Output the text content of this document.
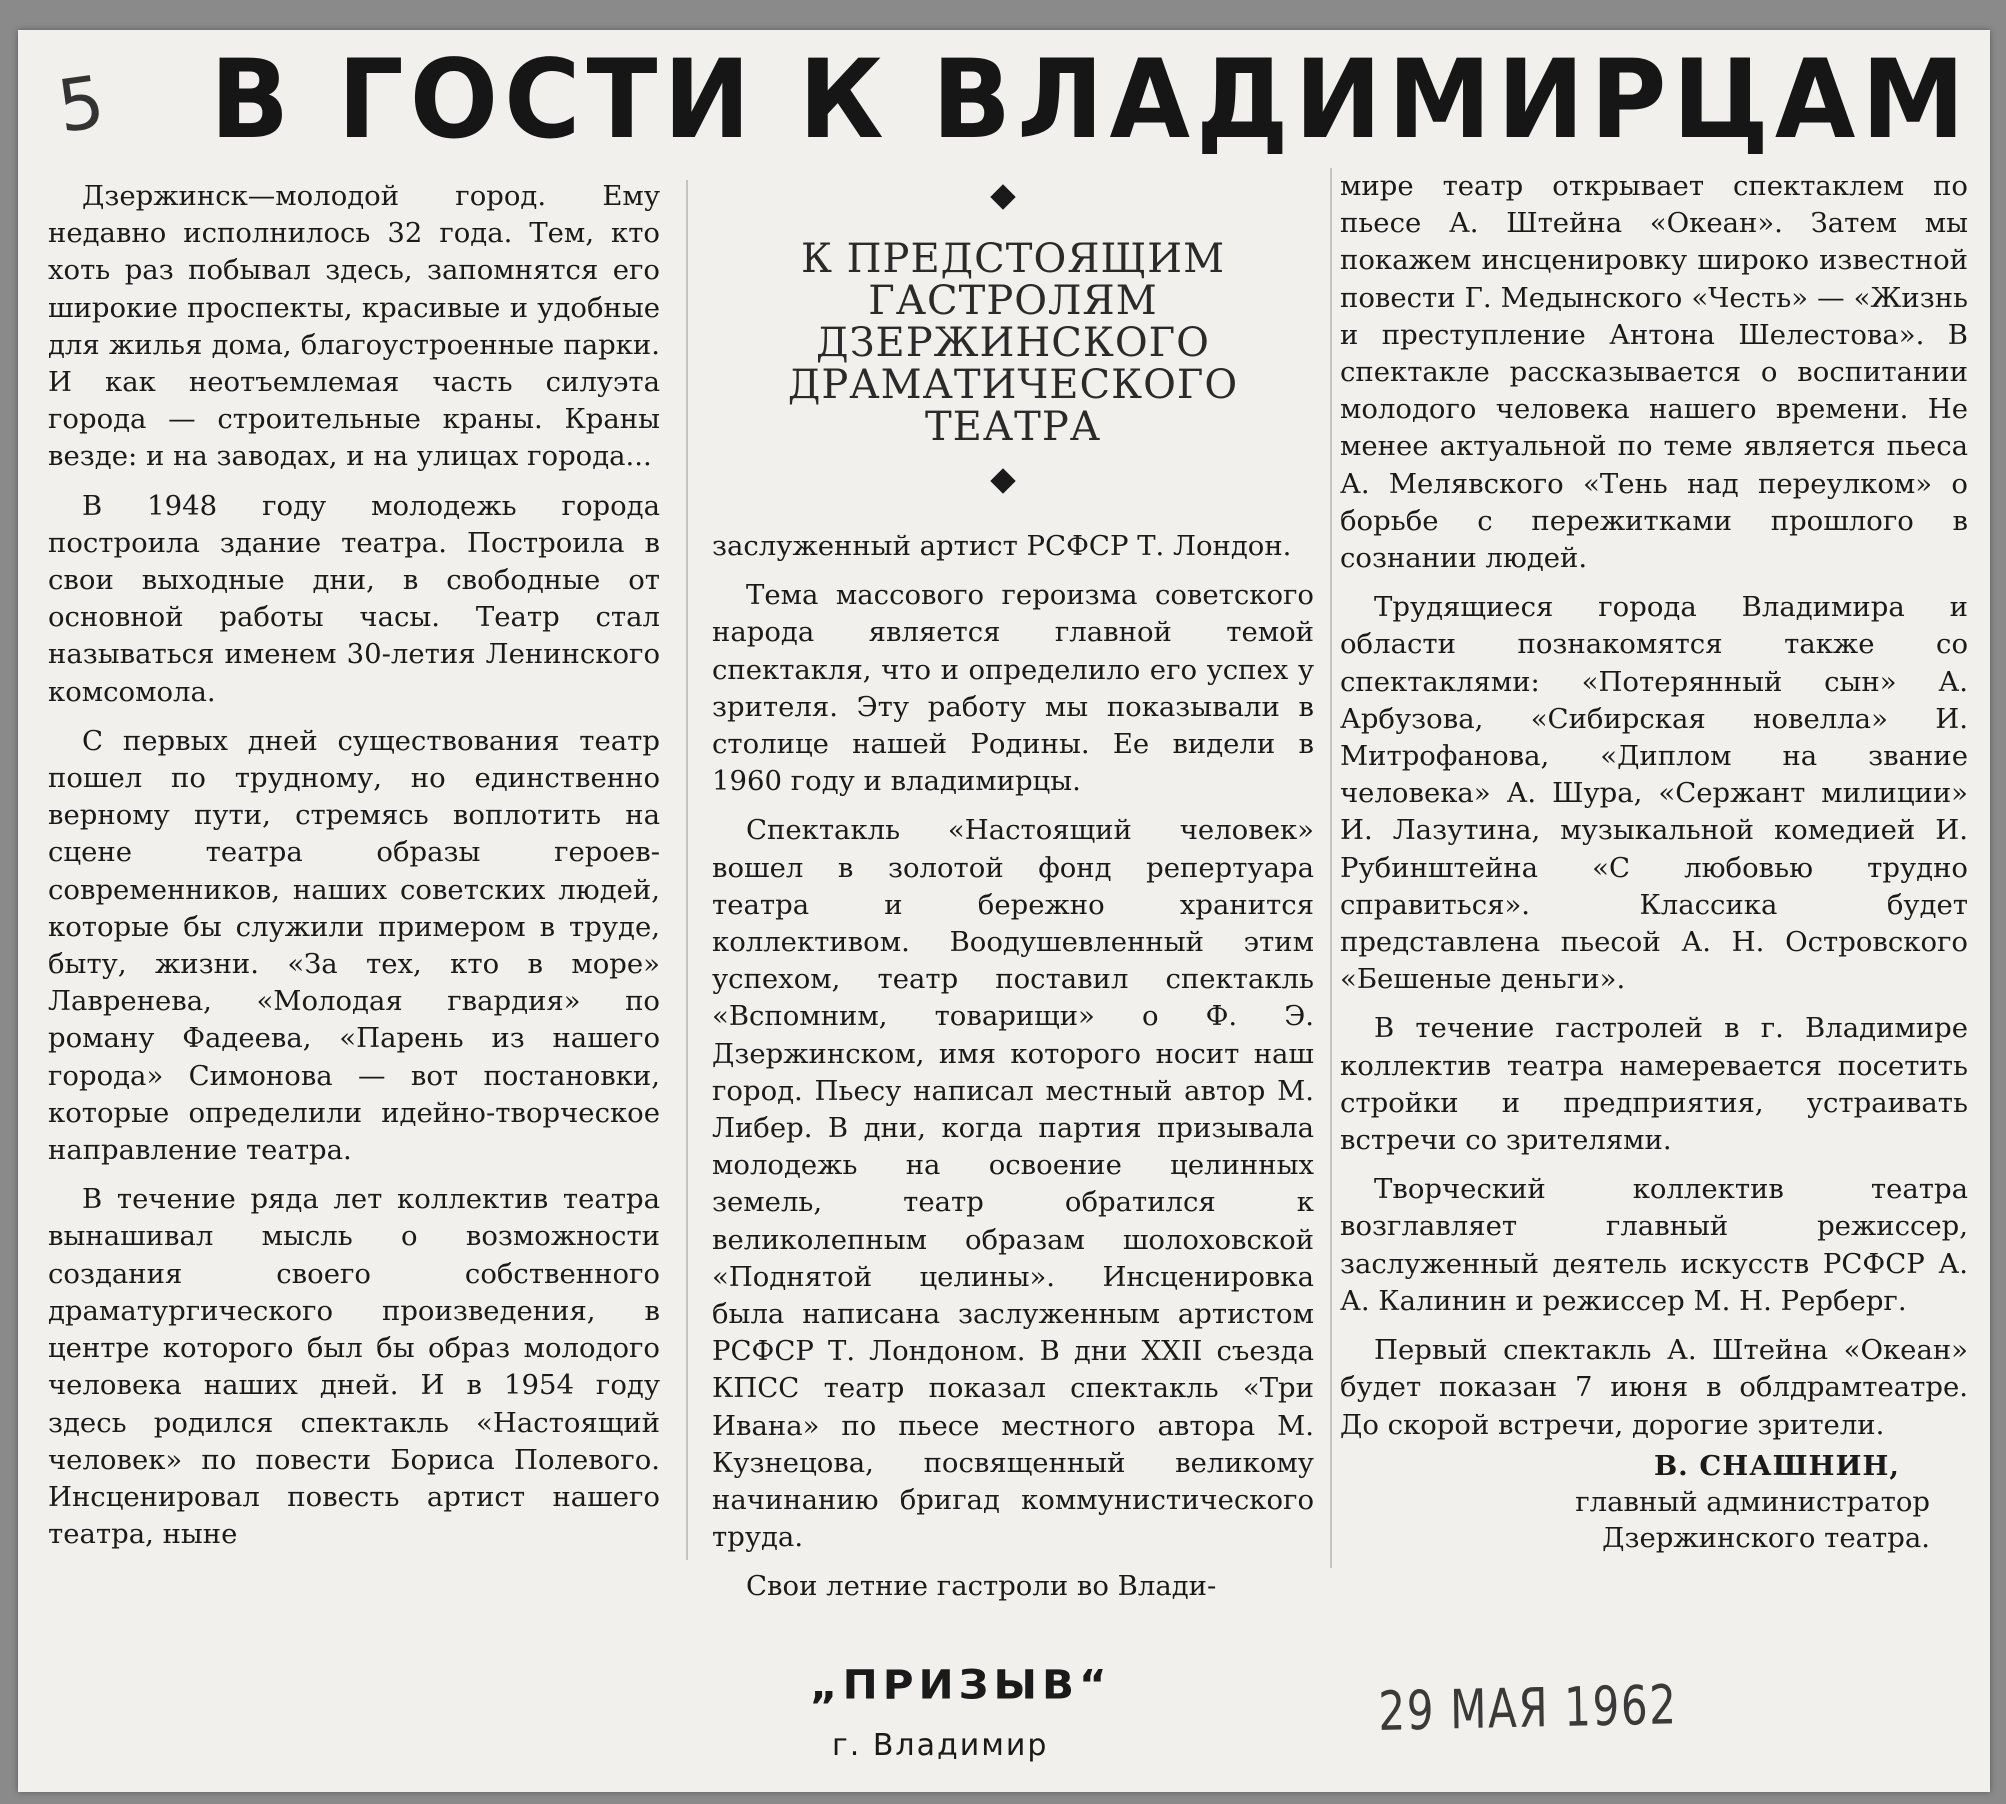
5 В ГОСТИ К ВЛАДИМИРЦАМ

Дзержинск—молодой город. Ему недавно исполнилось 32 года. Тем, кто хоть раз побывал здесь, запомнятся его широкие проспекты, красивые и удобные для жилья дома, благоустроенные парки. И как неотъемлемая часть силуэта города — строительные краны. Краны везде: и на заводах, и на улицах города...

В 1948 году молодежь города построила здание театра. Построила в свои выходные дни, в свободные от основной работы часы. Театр стал называться именем 30-летия Ленинского комсомола.

С первых дней существования театр пошел по трудному, но единственно верному пути, стремясь воплотить на сцене театра образы героев-современников, наших советских людей, которые бы служили примером в труде, быту, жизни. «За тех, кто в море» Лавренева, «Молодая гвардия» по роману Фадеева, «Парень из нашего города» Симонова — вот постановки, которые определили идейно-творческое направление театра.

В течение ряда лет коллектив театра вынашивал мысль о возможности создания своего собственного драматургического произведения, в центре которого был бы образ молодого человека наших дней. И в 1954 году здесь родился спектакль «Настоящий человек» по повести Бориса Полевого. Инсценировал повесть артист нашего театра, ныне

К ПРЕДСТОЯЩИМ
ГАСТРОЛЯМ
ДЗЕРЖИНСКОГО
ДРАМАТИЧЕСКОГО
ТЕАТРА

заслуженный артист РСФСР Т. Лондон.

Тема массового героизма советского народа является главной темой спектакля, что и определило его успех у зрителя. Эту работу мы показывали в столице нашей Родины. Ее видели в 1960 году и владимирцы.

Спектакль «Настоящий человек» вошел в золотой фонд репертуара театра и бережно хранится коллективом. Воодушевленный этим успехом, театр поставил спектакль «Вспомним, товарищи» о Ф. Э. Дзержинском, имя которого носит наш город. Пьесу написал местный автор М. Либер. В дни, когда партия призывала молодежь на освоение целинных земель, театр обратился к великолепным образам шолоховской «Поднятой целины». Инсценировка была написана заслуженным артистом РСФСР Т. Лондоном. В дни XXII съезда КПСС театр показал спектакль «Три Ивана» по пьесе местного автора М. Кузнецова, посвященный великому начинанию бригад коммунистического труда.

Свои летние гастроли во Влади-

мире театр открывает спектаклем по пьесе А. Штейна «Океан». Затем мы покажем инсценировку широко известной повести Г. Медынского «Честь» — «Жизнь и преступление Антона Шелестова». В спектакле рассказывается о воспитании молодого человека нашего времени. Не менее актуальной по теме является пьеса А. Мелявского «Тень над переулком» о борьбе с пережитками прошлого в сознании людей.

Трудящиеся города Владимира и области познакомятся также со спектаклями: «Потерянный сын» А. Арбузова, «Сибирская новелла» И. Митрофанова, «Диплом на звание человека» А. Шура, «Сержант милиции» И. Лазутина, музыкальной комедией И. Рубинштейна «С любовью трудно справиться». Классика будет представлена пьесой А. Н. Островского «Бешеные деньги».

В течение гастролей в г. Владимире коллектив театра намеревается посетить стройки и предприятия, устраивать встречи со зрителями.

Творческий коллектив театра возглавляет главный режиссер, заслуженный деятель искусств РСФСР А. А. Калинин и режиссер М. Н. Рерберг.

Первый спектакль А. Штейна «Океан» будет показан 7 июня в облдрамтеатре. До скорой встречи, дорогие зрители.

В. СНАШНИН,
главный администратор
Дзержинского театра.
„ПРИЗЫВ“
г. Владимир
29 МАЯ 1962
